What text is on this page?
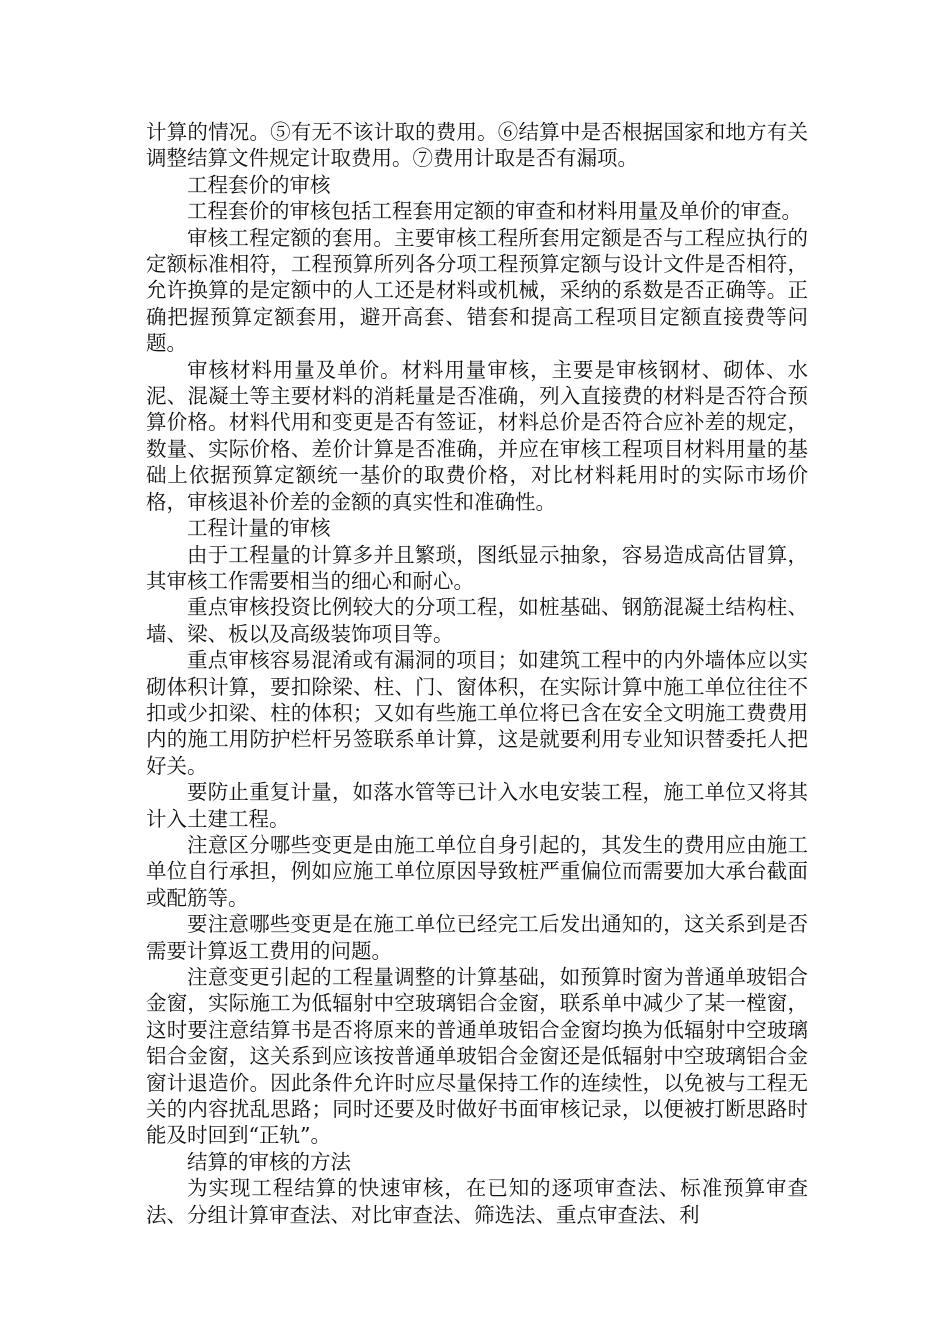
计算的情况。⑤有无不该计取的费用。⑥结算中是否根据国家和地方有关调整结算文件规定计取费用。⑦费用计取是否有漏项。

工程套价的审核

工程套价的审核包括工程套用定额的审查和材料用量及单价的审查。

审核工程定额的套用。主要审核工程所套用定额是否与工程应执行的定额标准相符，工程预算所列各分项工程预算定额与设计文件是否相符，允许换算的是定额中的人工还是材料或机械，采纳的系数是否正确等。正确把握预算定额套用，避开高套、错套和提高工程项目定额直接费等问题。

审核材料用量及单价。材料用量审核，主要是审核钢材、砌体、水泥、混凝土等主要材料的消耗量是否准确，列入直接费的材料是否符合预算价格。材料代用和变更是否有签证，材料总价是否符合应补差的规定，数量、实际价格、差价计算是否准确，并应在审核工程项目材料用量的基础上依据预算定额统一基价的取费价格，对比材料耗用时的实际市场价格，审核退补价差的金额的真实性和准确性。

工程计量的审核

由于工程量的计算多并且繁琐，图纸显示抽象，容易造成高估冒算，其审核工作需要相当的细心和耐心。

重点审核投资比例较大的分项工程，如桩基础、钢筋混凝土结构柱、墙、梁、板以及高级装饰项目等。

重点审核容易混淆或有漏洞的项目；如建筑工程中的内外墙体应以实砌体积计算，要扣除梁、柱、门、窗体积，在实际计算中施工单位往往不扣或少扣梁、柱的体积；又如有些施工单位将已含在安全文明施工费费用内的施工用防护栏杆另签联系单计算，这是就要利用专业知识替委托人把好关。

要防止重复计量，如落水管等已计入水电安装工程，施工单位又将其计入土建工程。

注意区分哪些变更是由施工单位自身引起的，其发生的费用应由施工单位自行承担，例如应施工单位原因导致桩严重偏位而需要加大承台截面或配筋等。

要注意哪些变更是在施工单位已经完工后发出通知的，这关系到是否需要计算返工费用的问题。

注意变更引起的工程量调整的计算基础，如预算时窗为普通单玻铝合金窗，实际施工为低辐射中空玻璃铝合金窗，联系单中减少了某一樘窗，这时要注意结算书是否将原来的普通单玻铝合金窗均换为低辐射中空玻璃铝合金窗，这关系到应该按普通单玻铝合金窗还是低辐射中空玻璃铝合金窗计退造价。因此条件允许时应尽量保持工作的连续性，以免被与工程无关的内容扰乱思路；同时还要及时做好书面审核记录，以便被打断思路时能及时回到“正轨”。

结算的审核的方法

为实现工程结算的快速审核，在已知的逐项审查法、标准预算审查法、分组计算审查法、对比审查法、筛选法、重点审查法、利
